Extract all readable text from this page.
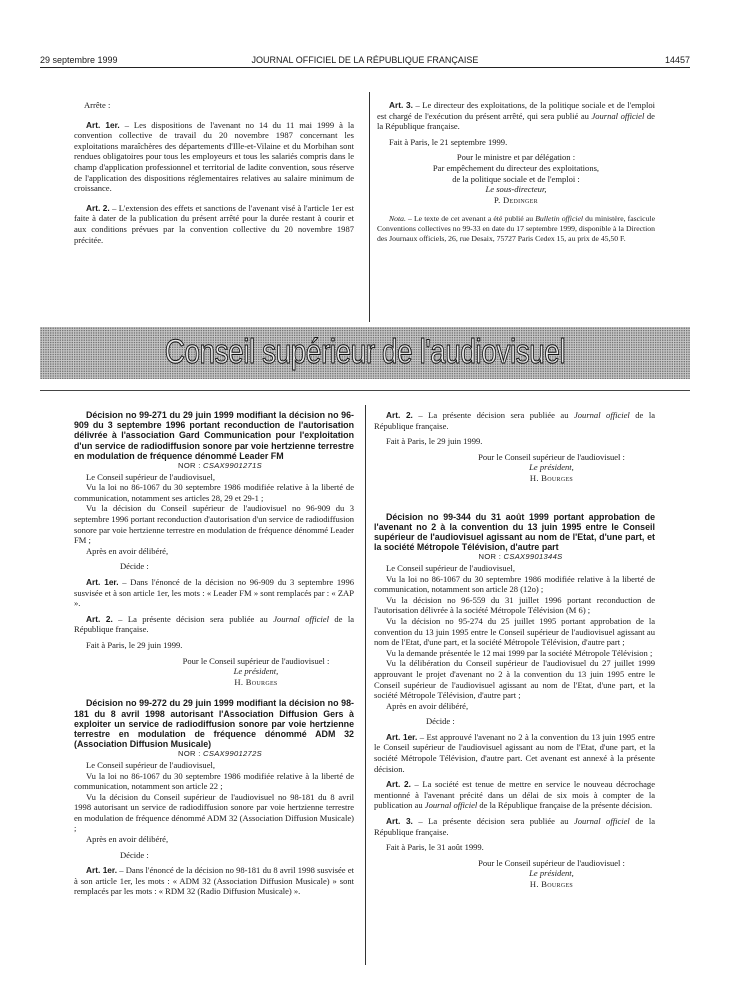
29 septembre 1999	JOURNAL OFFICIEL DE LA RÉPUBLIQUE FRANÇAISE	14457

Arrête :

Art. 1er. – Les dispositions de l'avenant no 14 du 11 mai 1999 à la convention collective de travail du 20 novembre 1987 concernant les exploitations maraîchères des départements d'Ille-et-Vilaine et du Morbihan sont rendues obligatoires pour tous les employeurs et tous les salariés compris dans le champ d'application professionnel et territorial de ladite convention, sous réserve de l'application des dispositions réglementaires relatives au salaire minimum de croissance.

Art. 2. – L'extension des effets et sanctions de l'avenant visé à l'article 1er est faite à dater de la publication du présent arrêté pour la durée restant à courir et aux conditions prévues par la convention collective du 20 novembre 1987 précitée.

Art. 3. – Le directeur des exploitations, de la politique sociale et de l'emploi est chargé de l'exécution du présent arrêté, qui sera publié au Journal officiel de la République française.

Fait à Paris, le 21 septembre 1999.

Pour le ministre et par délégation :

Par empêchement du directeur des exploitations,

de la politique sociale et de l'emploi :

Le sous-directeur,

P. Dedinger

Nota. – Le texte de cet avenant a été publié au Bulletin officiel du ministère, fascicule Conventions collectives no 99-33 en date du 17 septembre 1999, disponible à la Direction des Journaux officiels, 26, rue Desaix, 75727 Paris Cedex 15, au prix de 45,50 F.

Conseil supérieur de l'audiovisuel

Décision no 99-271 du 29 juin 1999 modifiant la décision no 96-909 du 3 septembre 1996 portant reconduction de l'autorisation délivrée à l'association Gard Communication pour l'exploitation d'un service de radiodiffusion sonore par voie hertzienne terrestre en modulation de fréquence dénommé Leader FM

NOR : CSAX9901271S

Le Conseil supérieur de l'audiovisuel,

Vu la loi no 86-1067 du 30 septembre 1986 modifiée relative à la liberté de communication, notamment ses articles 28, 29 et 29-1 ;

Vu la décision du Conseil supérieur de l'audiovisuel no 96-909 du 3 septembre 1996 portant reconduction d'autorisation d'un service de radiodiffusion sonore par voie hertzienne terrestre en modulation de fréquence dénommé Leader FM ;

Après en avoir délibéré,

Décide :

Art. 1er. – Dans l'énoncé de la décision no 96-909 du 3 septembre 1996 susvisée et à son article 1er, les mots : « Leader FM » sont remplacés par : « ZAP ».

Art. 2. – La présente décision sera publiée au Journal officiel de la République française.

Fait à Paris, le 29 juin 1999.

Pour le Conseil supérieur de l'audiovisuel :

Le président,

H. Bourges

Décision no 99-272 du 29 juin 1999 modifiant la décision no 98-181 du 8 avril 1998 autorisant l'Association Diffusion Gers à exploiter un service de radiodiffusion sonore par voie hertzienne terrestre en modulation de fréquence dénommé ADM 32 (Association Diffusion Musicale)

NOR : CSAX9901272S

Le Conseil supérieur de l'audiovisuel,

Vu la loi no 86-1067 du 30 septembre 1986 modifiée relative à la liberté de communication, notamment son article 22 ;

Vu la décision du Conseil supérieur de l'audiovisuel no 98-181 du 8 avril 1998 autorisant un service de radiodiffusion sonore par voie hertzienne terrestre en modulation de fréquence dénommé ADM 32 (Association Diffusion Musicale) ;

Après en avoir délibéré,

Décide :

Art. 1er. – Dans l'énoncé de la décision no 98-181 du 8 avril 1998 susvisée et à son article 1er, les mots : « ADM 32 (Association Diffusion Musicale) » sont remplacés par les mots : « RDM 32 (Radio Diffusion Musicale) ».

Art. 2. – La présente décision sera publiée au Journal officiel de la République française.

Fait à Paris, le 29 juin 1999.

Pour le Conseil supérieur de l'audiovisuel :

Le président,

H. Bourges

Décision no 99-344 du 31 août 1999 portant approbation de l'avenant no 2 à la convention du 13 juin 1995 entre le Conseil supérieur de l'audiovisuel agissant au nom de l'Etat, d'une part, et la société Métropole Télévision, d'autre part

NOR : CSAX9901344S

Le Conseil supérieur de l'audiovisuel,

Vu la loi no 86-1067 du 30 septembre 1986 modifiée relative à la liberté de communication, notamment son article 28 (12o) ;

Vu la décision no 96-559 du 31 juillet 1996 portant reconduction de l'autorisation délivrée à la société Métropole Télévision (M 6) ;

Vu la décision no 95-274 du 25 juillet 1995 portant approbation de la convention du 13 juin 1995 entre le Conseil supérieur de l'audiovisuel agissant au nom de l'Etat, d'une part, et la société Métropole Télévision, d'autre part ;

Vu la demande présentée le 12 mai 1999 par la société Métropole Télévision ;

Vu la délibération du Conseil supérieur de l'audiovisuel du 27 juillet 1999 approuvant le projet d'avenant no 2 à la convention du 13 juin 1995 entre le Conseil supérieur de l'audiovisuel agissant au nom de l'Etat, d'une part, et la société Métropole Télévision, d'autre part ;

Après en avoir délibéré,

Décide :

Art. 1er. – Est approuvé l'avenant no 2 à la convention du 13 juin 1995 entre le Conseil supérieur de l'audiovisuel agissant au nom de l'Etat, d'une part, et la société Métropole Télévision, d'autre part. Cet avenant est annexé à la présente décision.

Art. 2. – La société est tenue de mettre en service le nouveau décrochage mentionné à l'avenant précité dans un délai de six mois à compter de la publication au Journal officiel de la République française de la présente décision.

Art. 3. – La présente décision sera publiée au Journal officiel de la République française.

Fait à Paris, le 31 août 1999.

Pour le Conseil supérieur de l'audiovisuel :

Le président,

H. Bourges
